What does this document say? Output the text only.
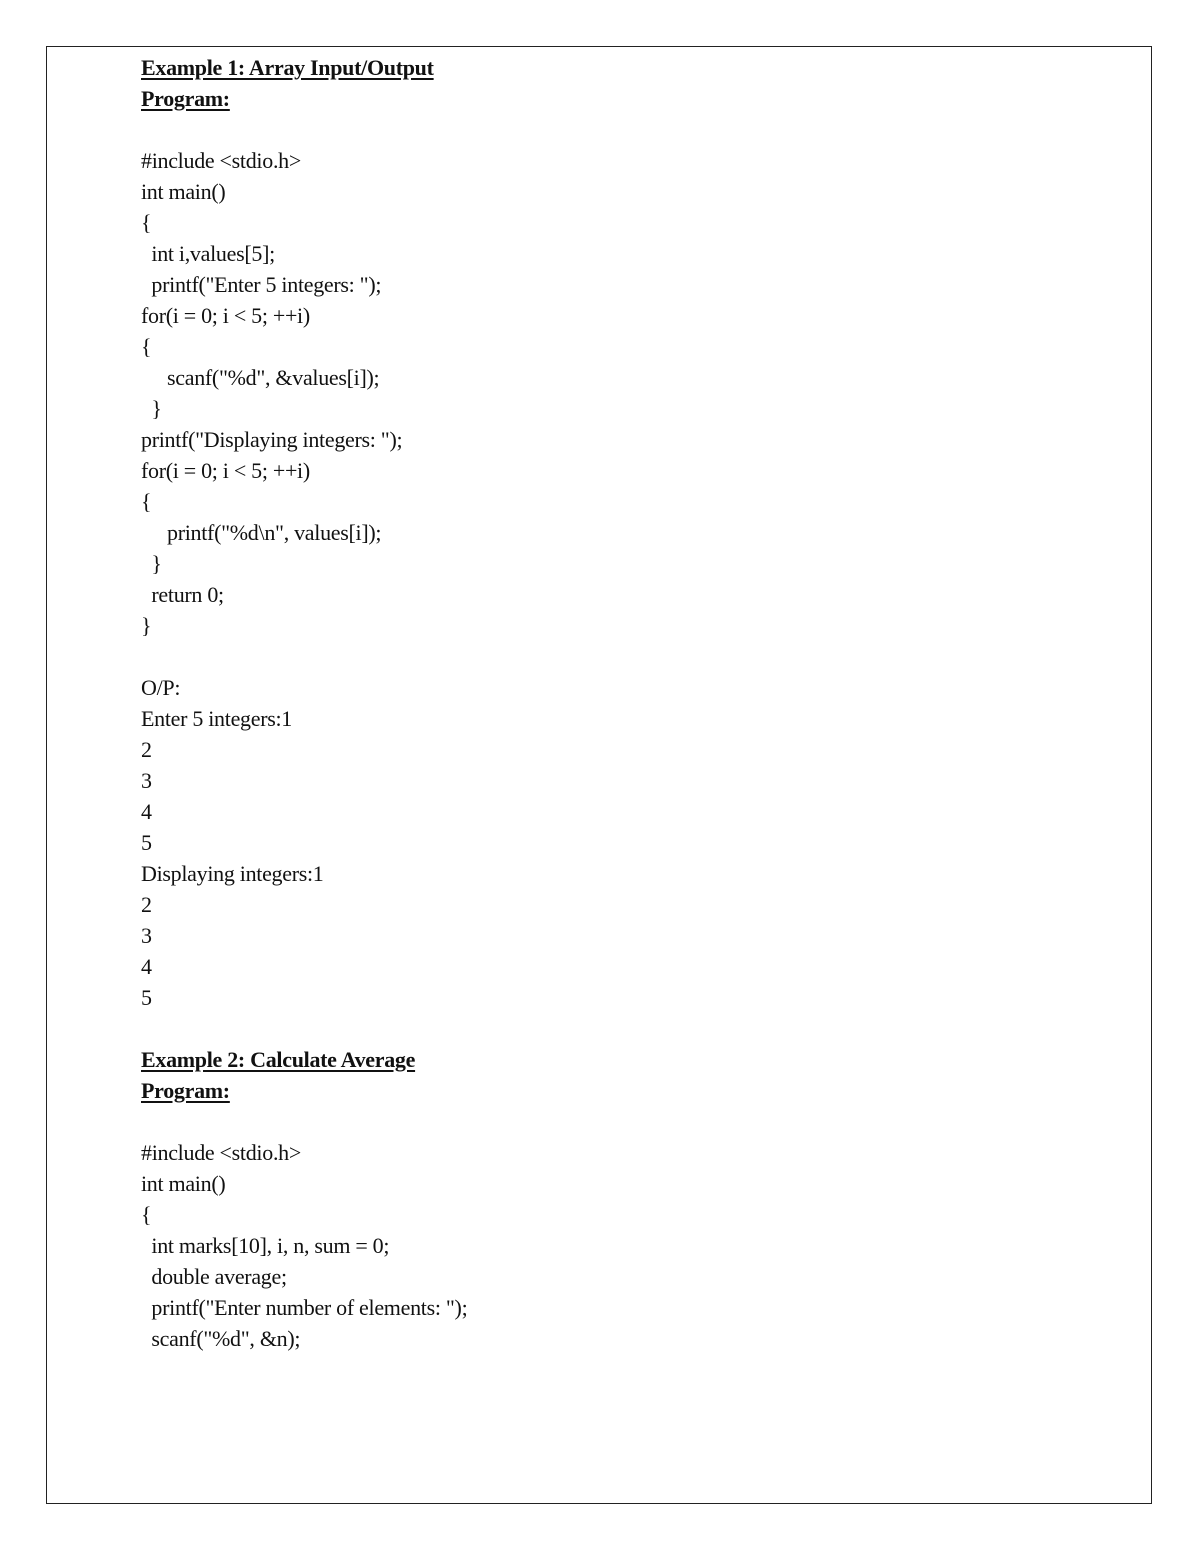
Example 1: Array Input/Output
Program:
#include <stdio.h>
int main()
{
int i,values[5];
printf("Enter 5 integers: ");
for(i = 0; i < 5; ++i)
{
scanf("%d", &values[i]);
}
printf("Displaying integers: ");
for(i = 0; i < 5; ++i)
{
printf("%d\n", values[i]);
}
return 0;
}
O/P:
Enter 5 integers:1
2
3
4
5
Displaying integers:1
2
3
4
5
Example 2: Calculate Average
Program:
#include <stdio.h>
int main()
{
int marks[10], i, n, sum = 0;
double average;
printf("Enter number of elements: ");
scanf("%d", &n);
